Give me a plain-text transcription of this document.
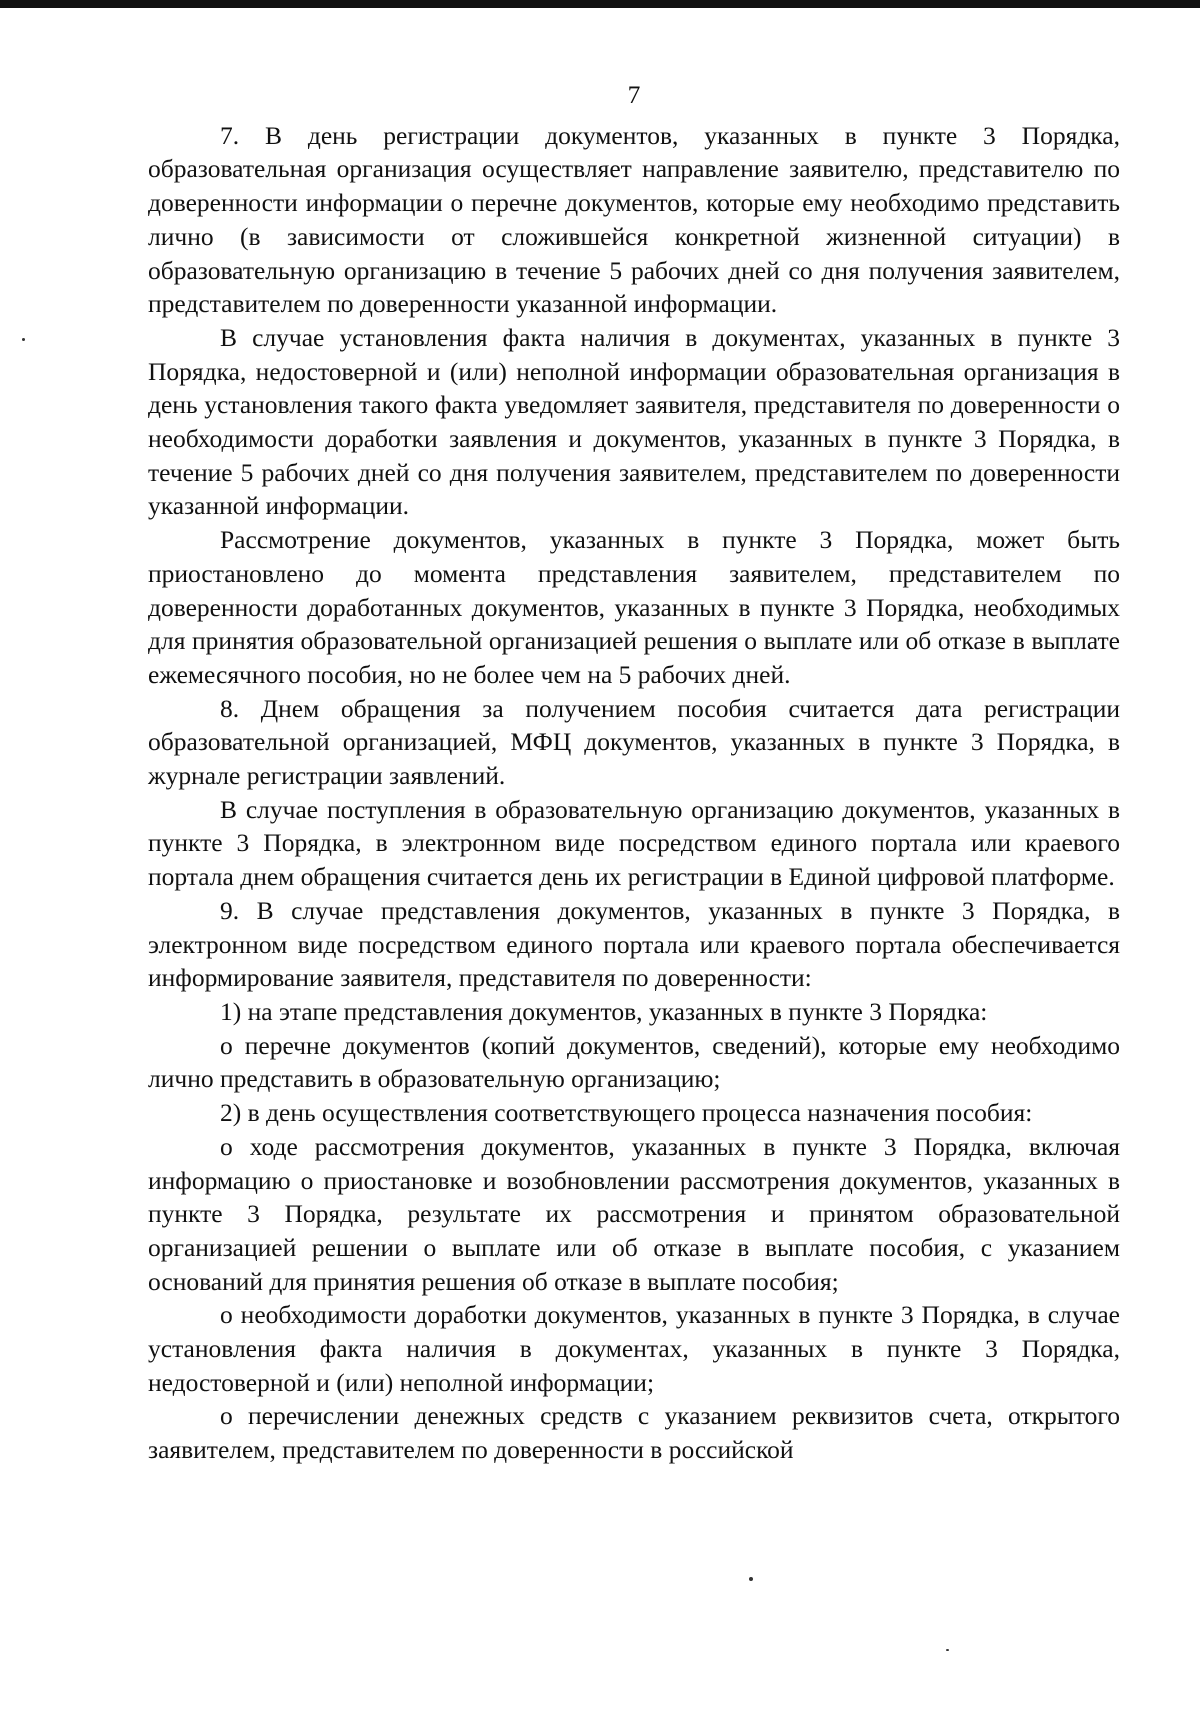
7

7. В день регистрации документов, указанных в пункте 3 Порядка, образовательная организация осуществляет направление заявителю, представителю по доверенности информации о перечне документов, которые ему необходимо представить лично (в зависимости от сложившейся конкретной жизненной ситуации) в образовательную организацию в течение 5 рабочих дней со дня получения заявителем, представителем по доверенности указанной информации.

В случае установления факта наличия в документах, указанных в пункте 3 Порядка, недостоверной и (или) неполной информации образовательная организация в день установления такого факта уведомляет заявителя, представителя по доверенности о необходимости доработки заявления и документов, указанных в пункте 3 Порядка, в течение 5 рабочих дней со дня получения заявителем, представителем по доверенности указанной информации.

Рассмотрение документов, указанных в пункте 3 Порядка, может быть приостановлено до момента представления заявителем, представителем по доверенности доработанных документов, указанных в пункте 3 Порядка, необходимых для принятия образовательной организацией решения о выплате или об отказе в выплате ежемесячного пособия, но не более чем на 5 рабочих дней.

8. Днем обращения за получением пособия считается дата регистрации образовательной организацией, МФЦ документов, указанных в пункте 3 Порядка, в журнале регистрации заявлений.

В случае поступления в образовательную организацию документов, указанных в пункте 3 Порядка, в электронном виде посредством единого портала или краевого портала днем обращения считается день их регистрации в Единой цифровой платформе.

9. В случае представления документов, указанных в пункте 3 Порядка, в электронном виде посредством единого портала или краевого портала обеспечивается информирование заявителя, представителя по доверенности:

1) на этапе представления документов, указанных в пункте 3 Порядка:

о перечне документов (копий документов, сведений), которые ему необходимо лично представить в образовательную организацию;

2) в день осуществления соответствующего процесса назначения пособия:

о ходе рассмотрения документов, указанных в пункте 3 Порядка, включая информацию о приостановке и возобновлении рассмотрения документов, указанных в пункте 3 Порядка, результате их рассмотрения и принятом образовательной организацией решении о выплате или об отказе в выплате пособия, с указанием оснований для принятия решения об отказе в выплате пособия;

о необходимости доработки документов, указанных в пункте 3 Порядка, в случае установления факта наличия в документах, указанных в пункте 3 Порядка, недостоверной и (или) неполной информации;

о перечислении денежных средств с указанием реквизитов счета, открытого заявителем, представителем по доверенности в российской
